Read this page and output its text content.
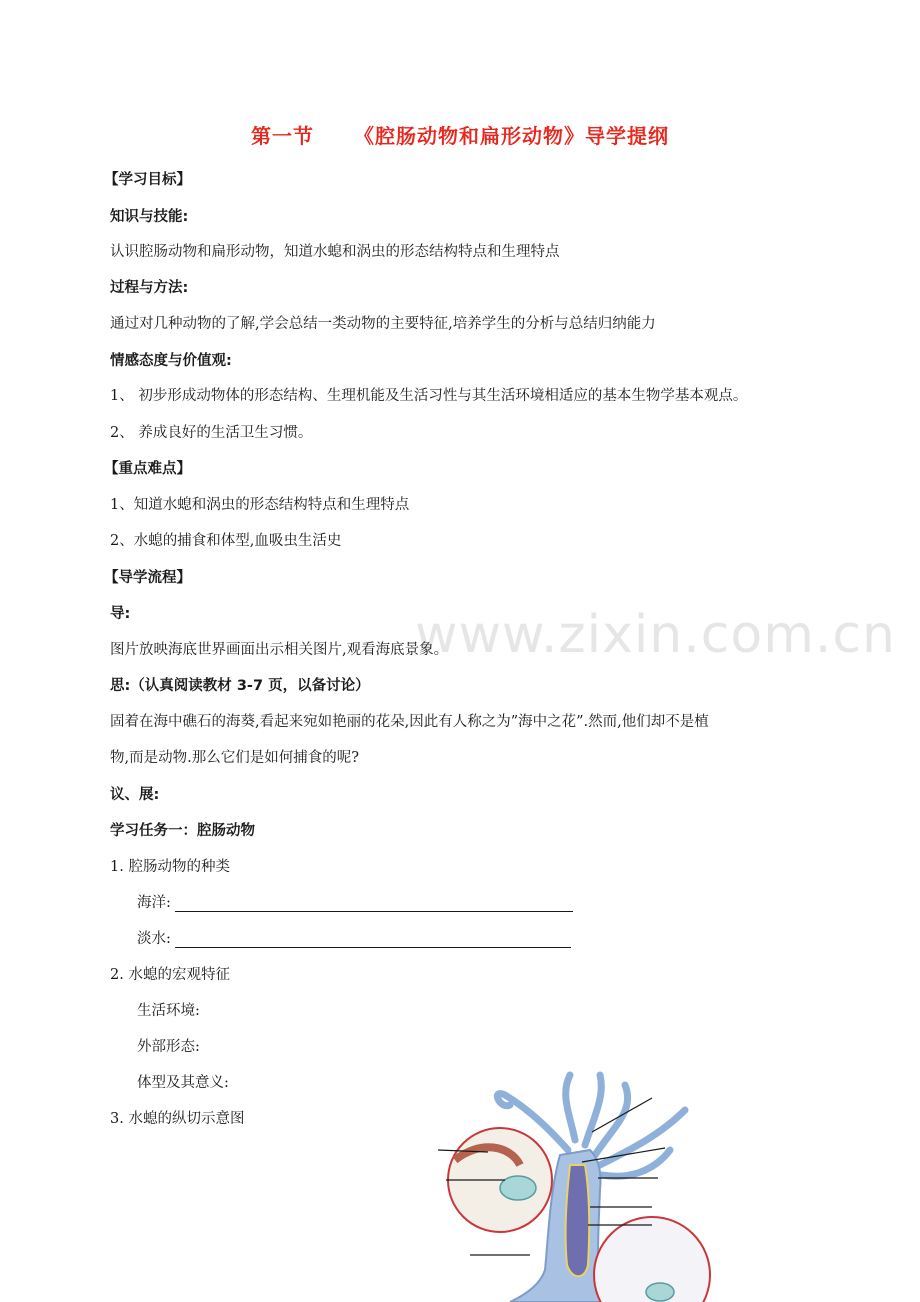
第一节 《腔肠动物和扁形动物》导学提纲
www.zixin.com.cn
【学习目标】
知识与技能:
认识腔肠动物和扁形动物，知道水螅和涡虫的形态结构特点和生理特点
过程与方法:
通过对几种动物的了解,学会总结一类动物的主要特征,培养学生的分析与总结归纳能力
情感态度与价值观:
1、 初步形成动物体的形态结构、生理机能及生活习性与其生活环境相适应的基本生物学基本观点。
2、 养成良好的生活卫生习惯。
【重点难点】
1、知道水螅和涡虫的形态结构特点和生理特点
2、水螅的捕食和体型,血吸虫生活史
【导学流程】
导:
图片放映海底世界画面出示相关图片,观看海底景象。
思:（认真阅读教材 3-7 页，以备讨论）
固着在海中礁石的海葵,看起来宛如艳丽的花朵,因此有人称之为”海中之花”.然而,他们却不是植
物,而是动物.那么它们是如何捕食的呢?
议、展:
学习任务一：腔肠动物
1. 腔肠动物的种类
海洋:
淡水:
2. 水螅的宏观特征
生活环境:
外部形态:
体型及其意义:
3. 水螅的纵切示意图
